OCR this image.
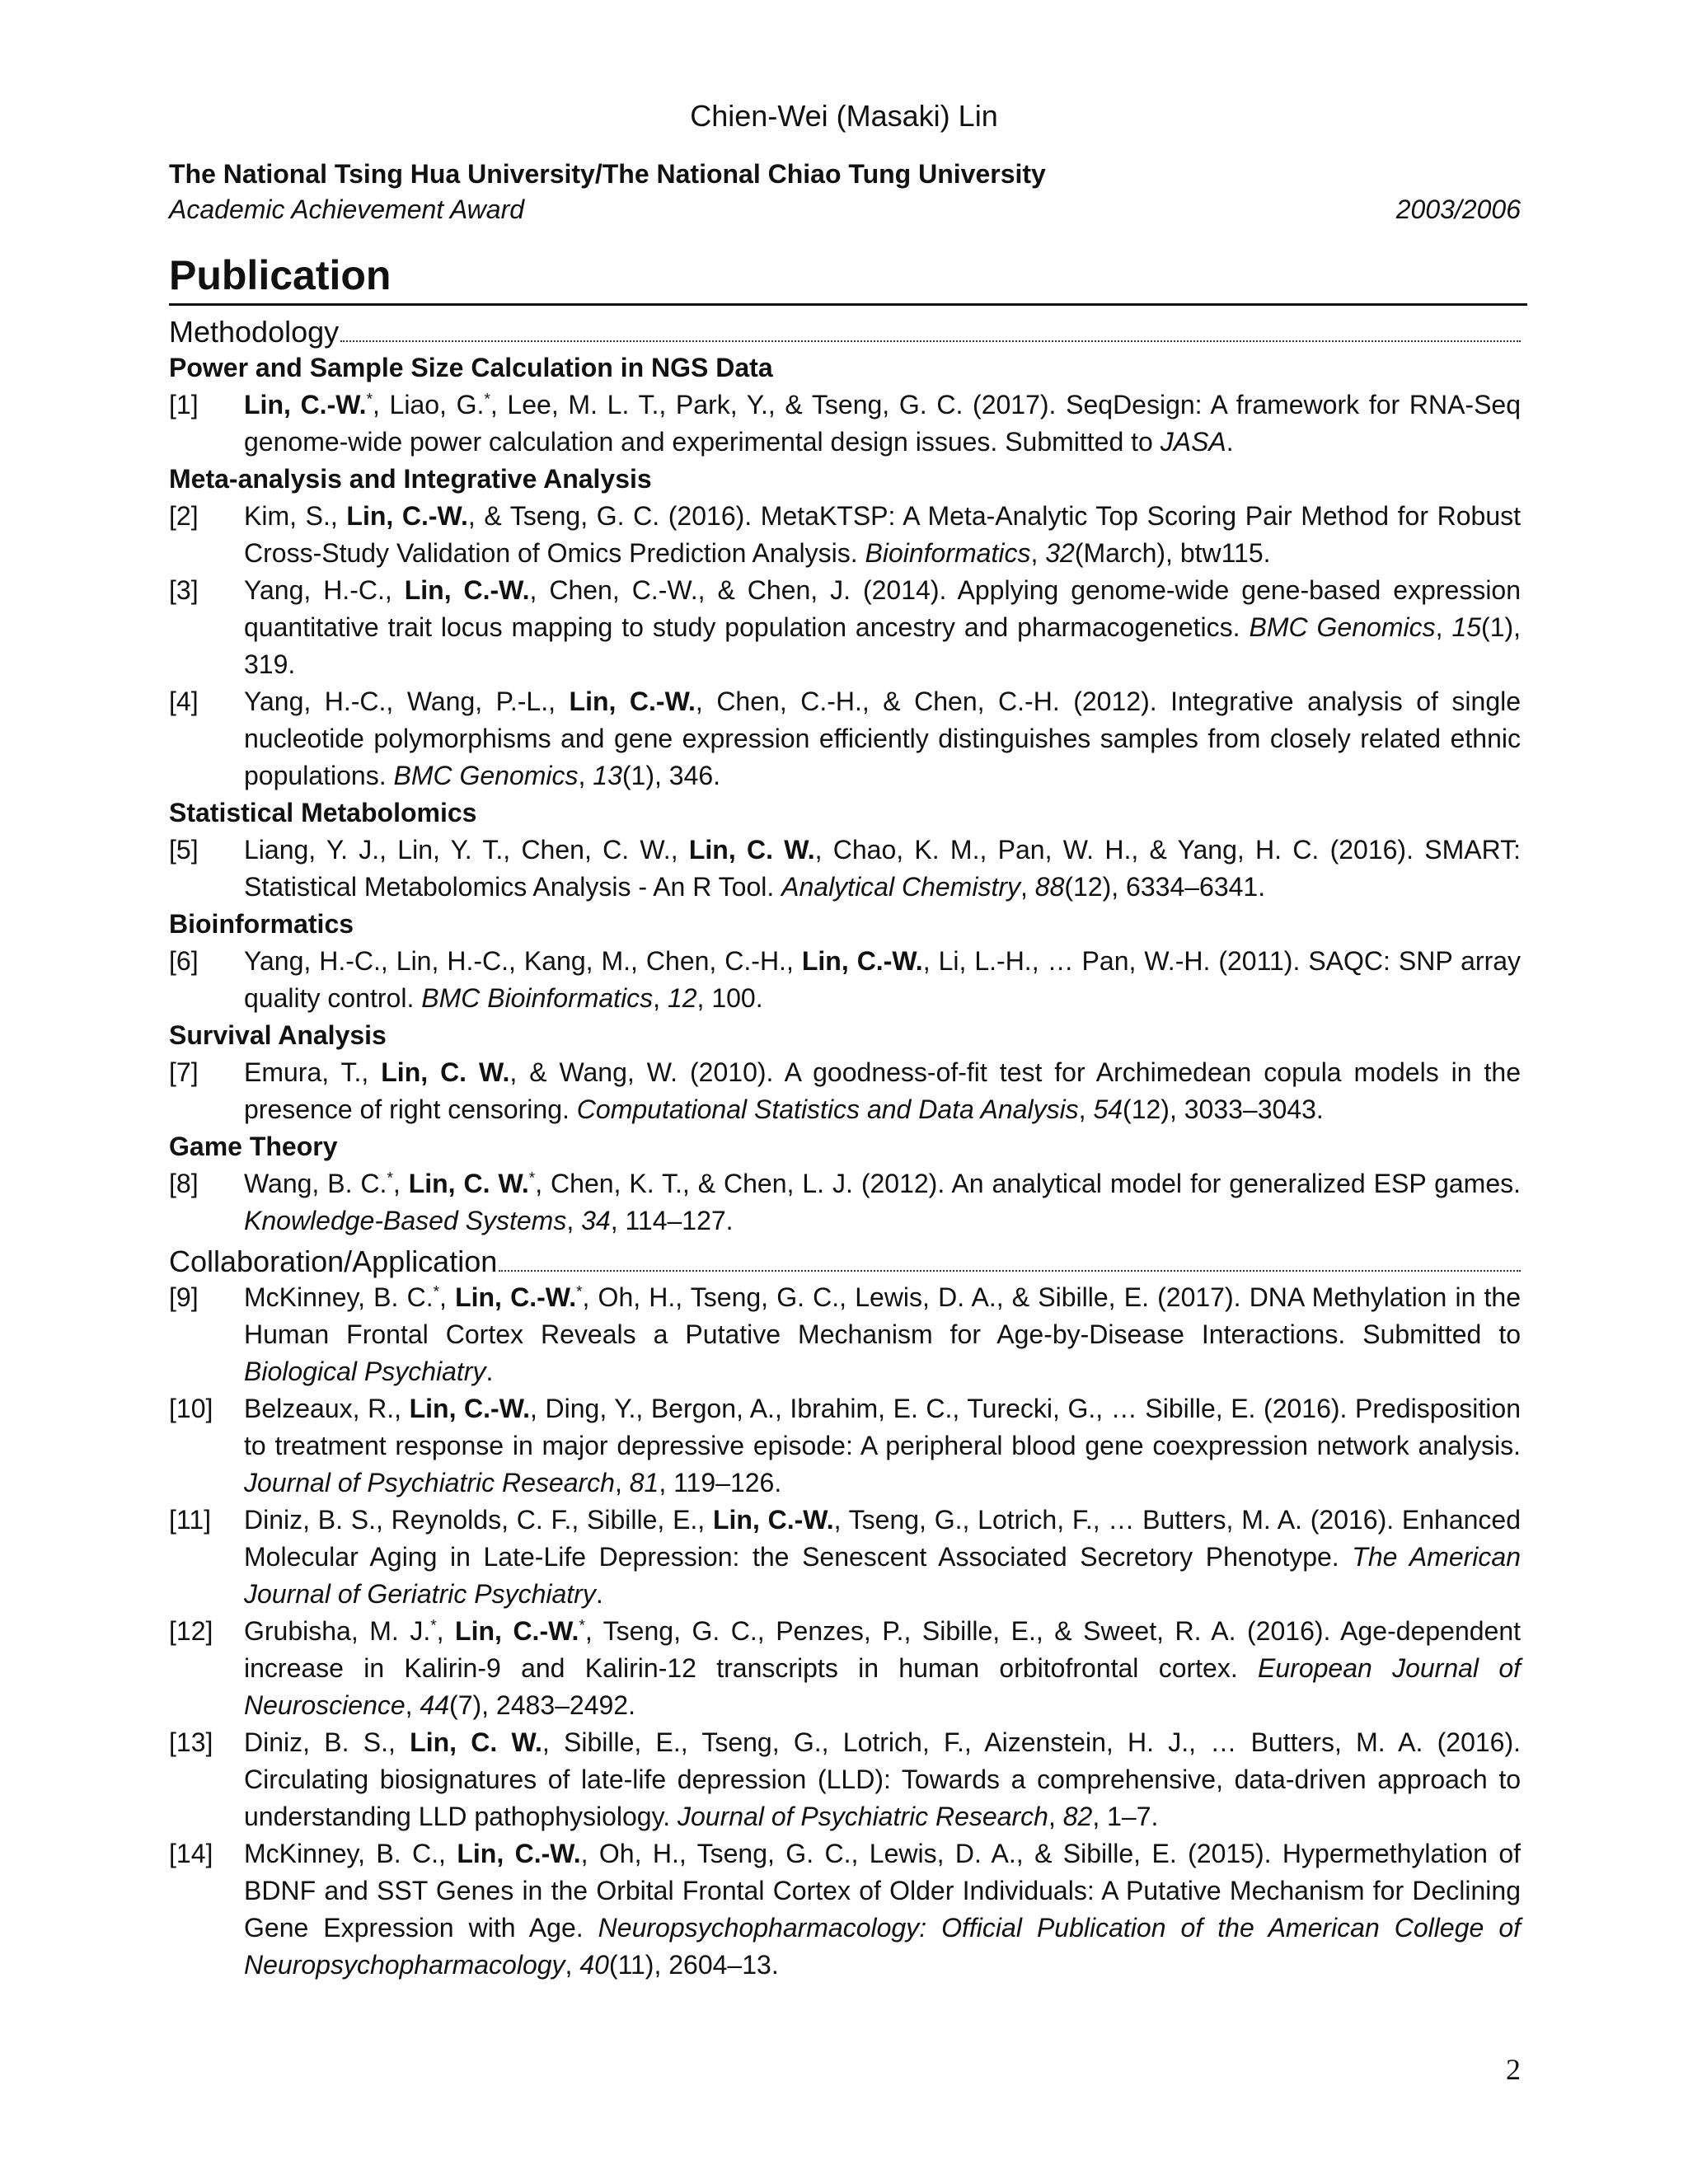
Chien-Wei (Masaki) Lin
The National Tsing Hua University/The National Chiao Tung University
Academic Achievement Award	2003/2006
Publication
Methodology
Power and Sample Size Calculation in NGS Data
[1] Lin, C.-W.*, Liao, G.*, Lee, M. L. T., Park, Y., & Tseng, G. C. (2017). SeqDesign: A framework for RNA-Seq genome-wide power calculation and experimental design issues. Submitted to JASA.
Meta-analysis and Integrative Analysis
[2] Kim, S., Lin, C.-W., & Tseng, G. C. (2016). MetaKTSP: A Meta-Analytic Top Scoring Pair Method for Robust Cross-Study Validation of Omics Prediction Analysis. Bioinformatics, 32(March), btw115.
[3] Yang, H.-C., Lin, C.-W., Chen, C.-W., & Chen, J. (2014). Applying genome-wide gene-based expression quantitative trait locus mapping to study population ancestry and pharmacogenetics. BMC Genomics, 15(1), 319.
[4] Yang, H.-C., Wang, P.-L., Lin, C.-W., Chen, C.-H., & Chen, C.-H. (2012). Integrative analysis of single nucleotide polymorphisms and gene expression efficiently distinguishes samples from closely related ethnic populations. BMC Genomics, 13(1), 346.
Statistical Metabolomics
[5] Liang, Y. J., Lin, Y. T., Chen, C. W., Lin, C. W., Chao, K. M., Pan, W. H., & Yang, H. C. (2016). SMART: Statistical Metabolomics Analysis - An R Tool. Analytical Chemistry, 88(12), 6334–6341.
Bioinformatics
[6] Yang, H.-C., Lin, H.-C., Kang, M., Chen, C.-H., Lin, C.-W., Li, L.-H., … Pan, W.-H. (2011). SAQC: SNP array quality control. BMC Bioinformatics, 12, 100.
Survival Analysis
[7] Emura, T., Lin, C. W., & Wang, W. (2010). A goodness-of-fit test for Archimedean copula models in the presence of right censoring. Computational Statistics and Data Analysis, 54(12), 3033–3043.
Game Theory
[8] Wang, B. C.*, Lin, C. W.*, Chen, K. T., & Chen, L. J. (2012). An analytical model for generalized ESP games. Knowledge-Based Systems, 34, 114–127.
Collaboration/Application
[9] McKinney, B. C.*, Lin, C.-W.*, Oh, H., Tseng, G. C., Lewis, D. A., & Sibille, E. (2017). DNA Methylation in the Human Frontal Cortex Reveals a Putative Mechanism for Age-by-Disease Interactions. Submitted to Biological Psychiatry.
[10] Belzeaux, R., Lin, C.-W., Ding, Y., Bergon, A., Ibrahim, E. C., Turecki, G., … Sibille, E. (2016). Predisposition to treatment response in major depressive episode: A peripheral blood gene coexpression network analysis. Journal of Psychiatric Research, 81, 119–126.
[11] Diniz, B. S., Reynolds, C. F., Sibille, E., Lin, C.-W., Tseng, G., Lotrich, F., … Butters, M. A. (2016). Enhanced Molecular Aging in Late-Life Depression: the Senescent Associated Secretory Phenotype. The American Journal of Geriatric Psychiatry.
[12] Grubisha, M. J.*, Lin, C.-W.*, Tseng, G. C., Penzes, P., Sibille, E., & Sweet, R. A. (2016). Age-dependent increase in Kalirin-9 and Kalirin-12 transcripts in human orbitofrontal cortex. European Journal of Neuroscience, 44(7), 2483–2492.
[13] Diniz, B. S., Lin, C. W., Sibille, E., Tseng, G., Lotrich, F., Aizenstein, H. J., … Butters, M. A. (2016). Circulating biosignatures of late-life depression (LLD): Towards a comprehensive, data-driven approach to understanding LLD pathophysiology. Journal of Psychiatric Research, 82, 1–7.
[14] McKinney, B. C., Lin, C.-W., Oh, H., Tseng, G. C., Lewis, D. A., & Sibille, E. (2015). Hypermethylation of BDNF and SST Genes in the Orbital Frontal Cortex of Older Individuals: A Putative Mechanism for Declining Gene Expression with Age. Neuropsychopharmacology: Official Publication of the American College of Neuropsychopharmacology, 40(11), 2604–13.
2
